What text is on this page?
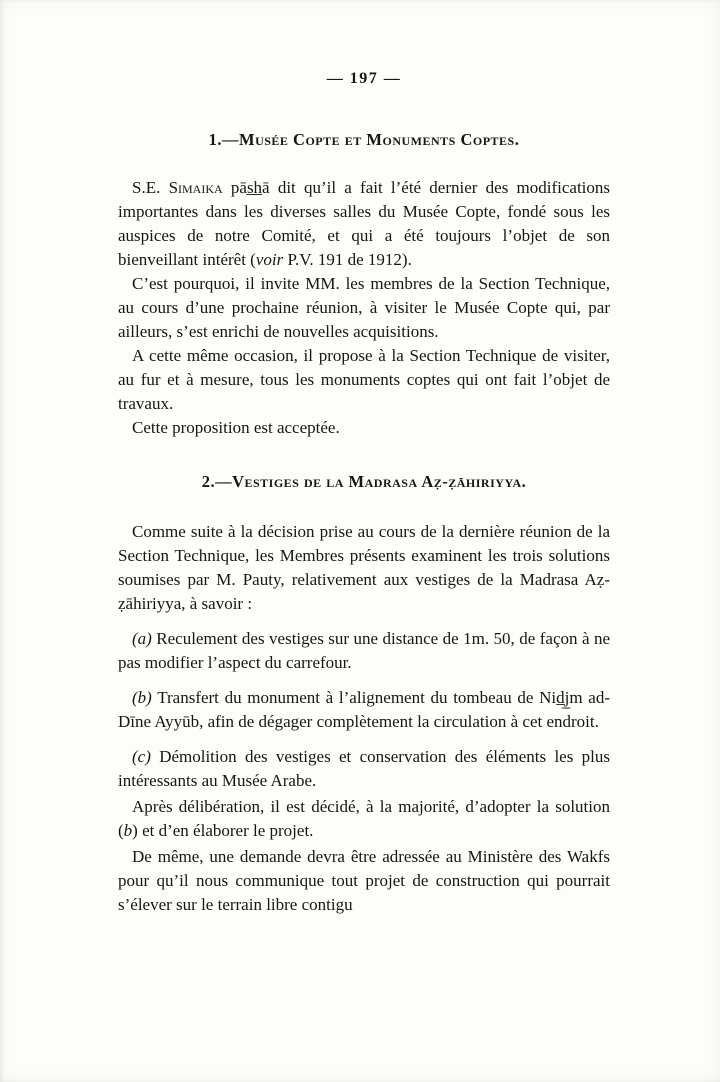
— 197 —
1.—Musée Copte et Monuments Coptes.

S.E. Simaika pās̲h̲ā dit qu’il a fait l’été dernier des modifications importantes dans les diverses salles du Musée Copte, fondé sous les auspices de notre Comité, et qui a été toujours l’objet de son bienveillant intérêt (voir P.V. 191 de 1912).

C’est pourquoi, il invite MM. les membres de la Section Technique, au cours d’une prochaine réunion, à visiter le Musée Copte qui, par ailleurs, s’est enrichi de nouvelles acquisitions.

A cette même occasion, il propose à la Section Technique de visiter, au fur et à mesure, tous les monuments coptes qui ont fait l’objet de travaux.

Cette proposition est acceptée.

2.—Vestiges de la Madrasa Aẓ-ẓāhiriyya.

Comme suite à la décision prise au cours de la dernière réunion de la Section Technique, les Membres présents examinent les trois solutions soumises par M. Pauty, relativement aux vestiges de la Madrasa Aẓ-ẓāhiriyya, à savoir :

(a) Reculement des vestiges sur une distance de 1m. 50, de façon à ne pas modifier l’aspect du carrefour.

(b) Transfert du monument à l’alignement du tombeau de Nid̲j̲m ad-Dīne Ayyūb, afin de dégager complètement la circulation à cet endroit.

(c) Démolition des vestiges et conservation des éléments les plus intéressants au Musée Arabe.

Après délibération, il est décidé, à la majorité, d’adopter la solution (b) et d’en élaborer le projet.

De même, une demande devra être adressée au Ministère des Wakfs pour qu’il nous communique tout projet de construction qui pourrait s’élever sur le terrain libre contigu
